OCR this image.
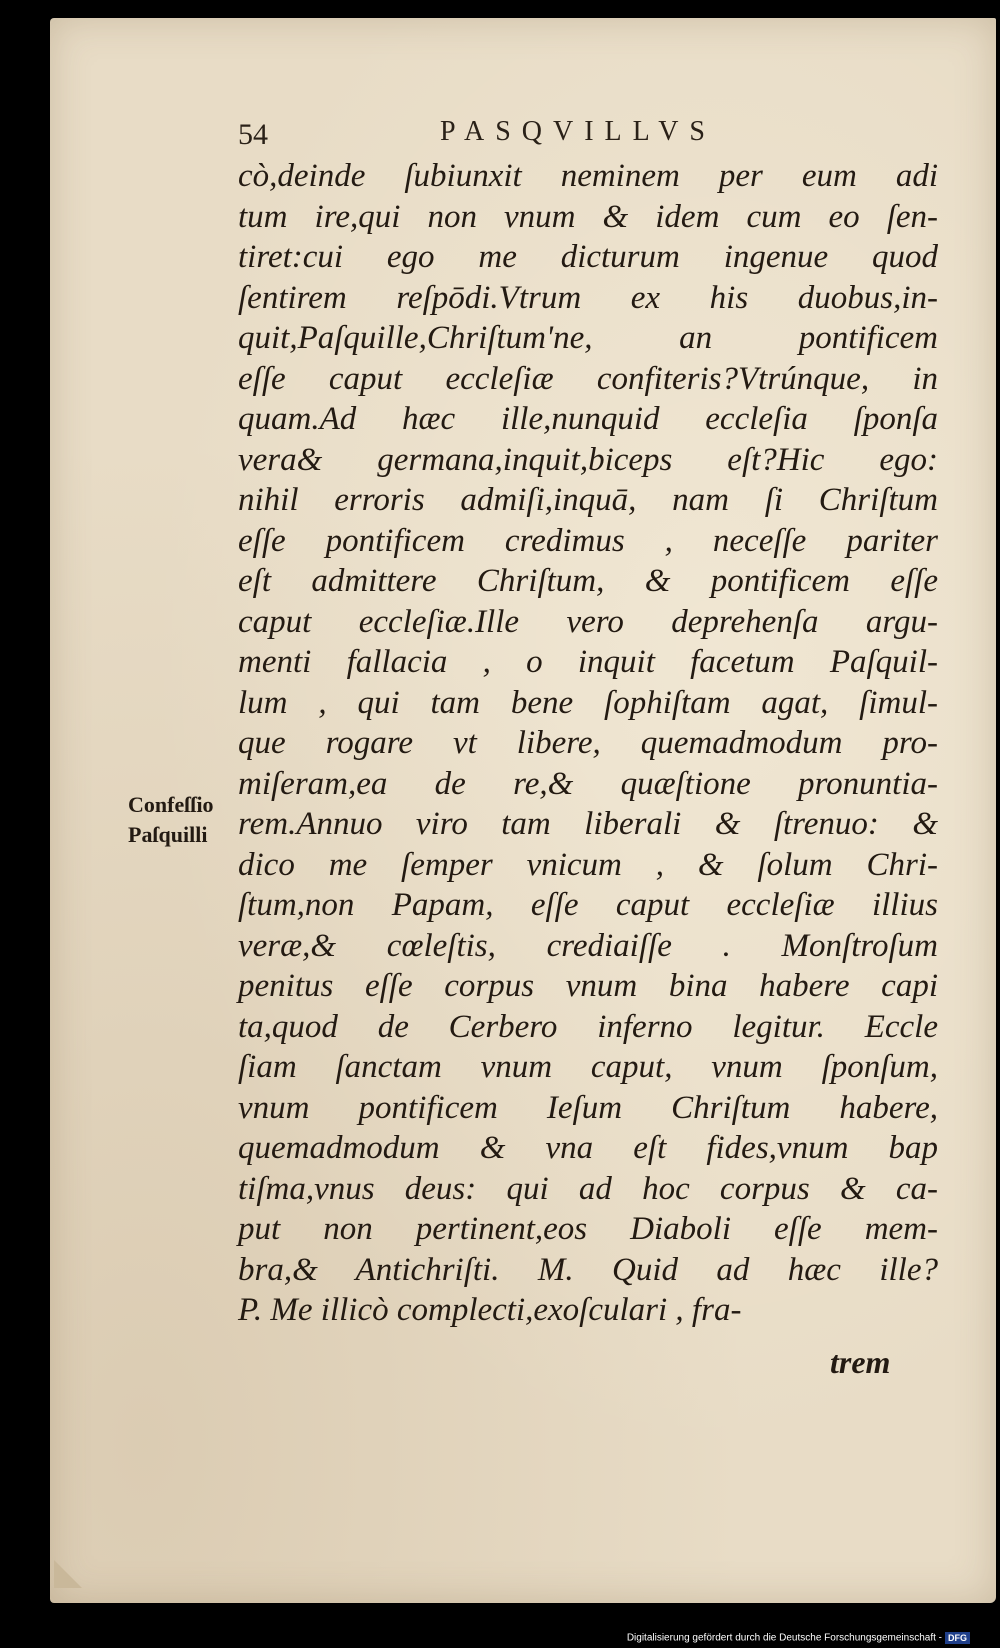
54	PASQVILLVS
Confeſſio
Paſquilli
cò,deinde ſubiunxit neminem per eum adi
tum ire,qui non vnum & idem cum eo ſen-
tiret:cui ego me dicturum ingenue quod
ſentirem reſpōdi.Vtrum ex his duobus,in-
quit,Paſquille,Chriſtum'ne, an pontificem
eſſe caput eccleſiæ confiteris?Vtrúnque, in
quam.Ad hæc ille,nunquid eccleſia ſponſa
vera& germana,inquit,biceps eſt?Hic ego:
nihil erroris admiſi,inquā, nam ſi Chriſtum
eſſe pontificem credimus , neceſſe pariter
eſt admittere Chriſtum, & pontificem eſſe
caput eccleſiæ.Ille vero deprehenſa argu-
menti fallacia , o inquit facetum Paſquil-
lum , qui tam bene ſophiſtam agat, ſimul-
que rogare vt libere, quemadmodum pro-
miſeram,ea de re,& quæſtione pronuntia-
rem.Annuo viro tam liberali & ſtrenuo: &
dico me ſemper vnicum , & ſolum Chri-
ſtum,non Papam, eſſe caput eccleſiæ illius
veræ,& cœleſtis, crediaiſſe . Monſtroſum
penitus eſſe corpus vnum bina habere capi
ta,quod de Cerbero inferno legitur. Eccle
ſiam ſanctam vnum caput, vnum ſponſum,
vnum pontificem Ieſum Chriſtum habere,
quemadmodum & vna eſt fides,vnum bap
tiſma,vnus deus: qui ad hoc corpus & ca-
put non pertinent,eos Diaboli eſſe mem-
bra,& Antichriſti. M. Quid ad hæc ille?
P. Me illicò complecti,exoſculari , fra-
trem
Digitalisierung gefördert durch die Deutsche Forschungsgemeinschaft - DFG
